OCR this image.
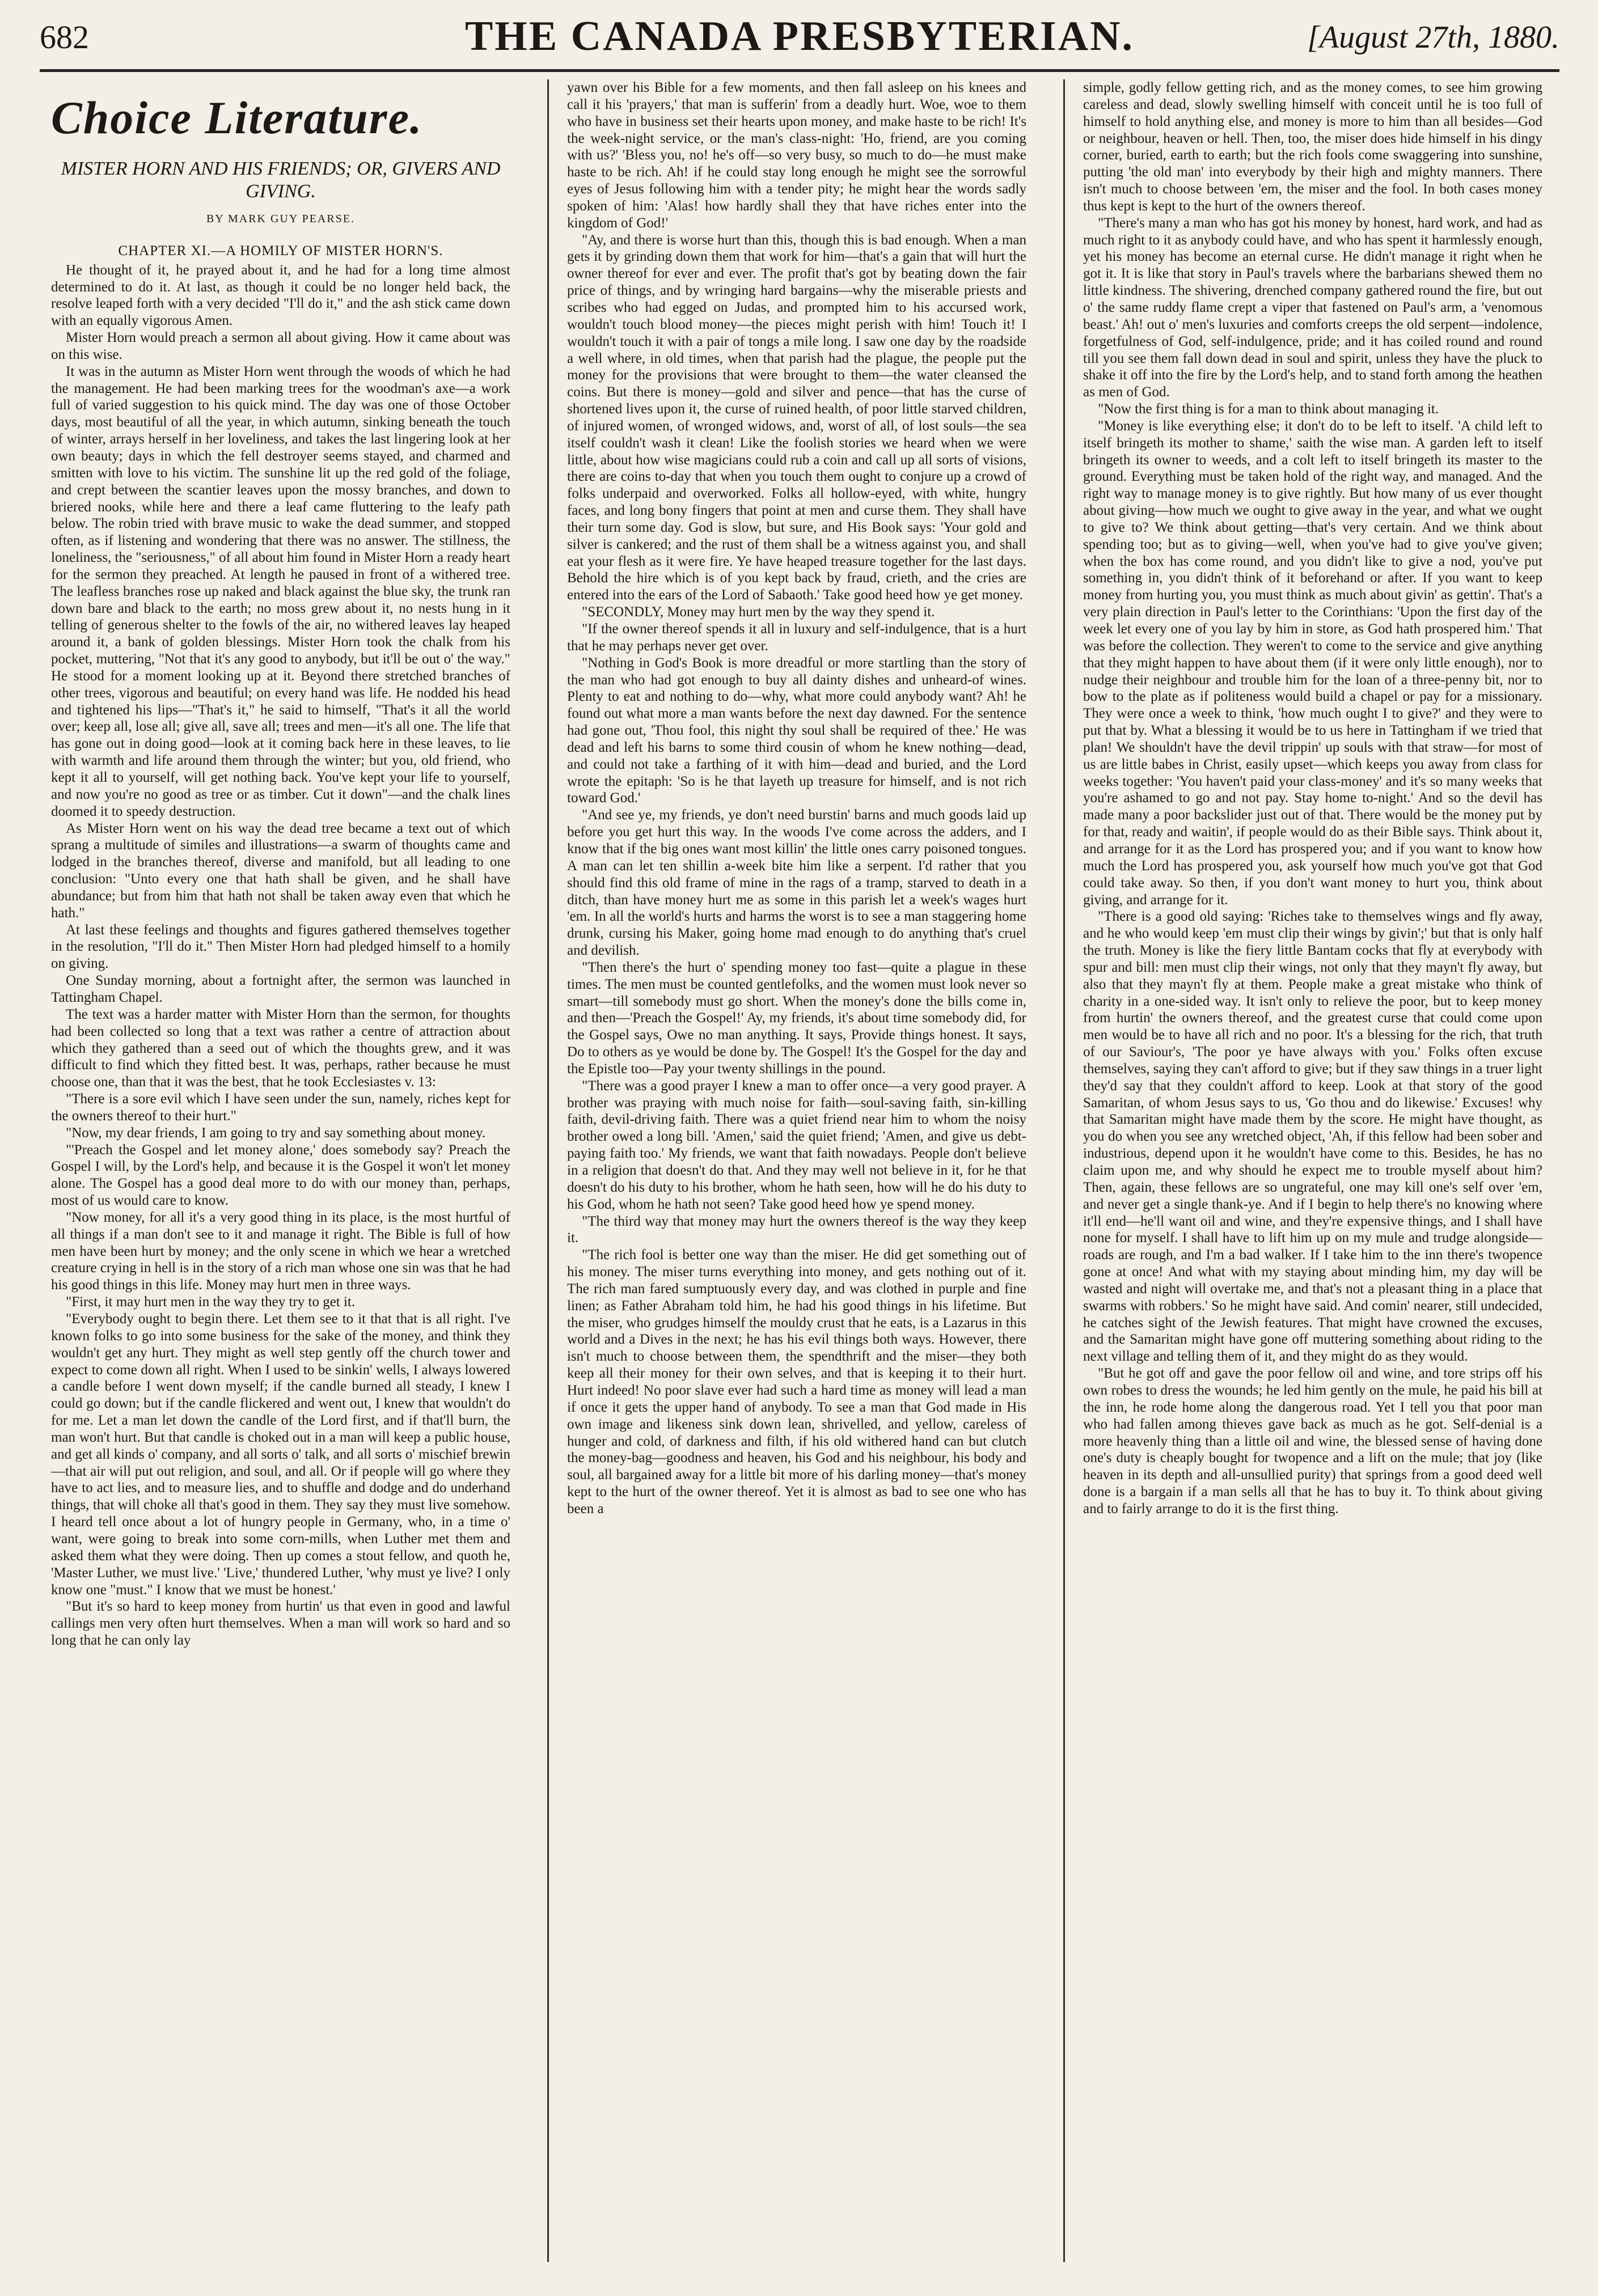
682	THE CANADA PRESBYTERIAN.	[August 27th, 1880.
Choice Literature.
MISTER HORN AND HIS FRIENDS; OR, GIVERS AND GIVING.
BY MARK GUY PEARSE.
CHAPTER XI.—A HOMILY OF MISTER HORN'S.

He thought of it, he prayed about it, and he had for a long time almost determined to do it. At last, as though it could be no longer held back, the resolve leaped forth with a very decided "I'll do it," and the ash stick came down with an equally vigorous Amen.

Mister Horn would preach a sermon all about giving. How it came about was on this wise.

It was in the autumn as Mister Horn went through the woods of which he had the management. He had been marking trees for the woodman's axe—a work full of varied suggestion to his quick mind. The day was one of those October days, most beautiful of all the year, in which autumn, sinking beneath the touch of winter, arrays herself in her loveliness, and takes the last lingering look at her own beauty; days in which the fell destroyer seems stayed, and charmed and smitten with love to his victim. The sunshine lit up the red gold of the foliage, and crept between the scantier leaves upon the mossy branches, and down to briered nooks, while here and there a leaf came fluttering to the leafy path below. The robin tried with brave music to wake the dead summer, and stopped often, as if listening and wondering that there was no answer. The stillness, the loneliness, the "seriousness," of all about him found in Mister Horn a ready heart for the sermon they preached. At length he paused in front of a withered tree. The leafless branches rose up naked and black against the blue sky, the trunk ran down bare and black to the earth; no moss grew about it, no nests hung in it telling of generous shelter to the fowls of the air, no withered leaves lay heaped around it, a bank of golden blessings. Mister Horn took the chalk from his pocket, muttering, "Not that it's any good to anybody, but it'll be out o' the way." He stood for a moment looking up at it. Beyond there stretched branches of other trees, vigorous and beautiful; on every hand was life. He nodded his head and tightened his lips—"That's it," he said to himself, "That's it all the world over; keep all, lose all; give all, save all; trees and men—it's all one. The life that has gone out in doing good—look at it coming back here in these leaves, to lie with warmth and life around them through the winter; but you, old friend, who kept it all to yourself, will get nothing back. You've kept your life to yourself, and now you're no good as tree or as timber. Cut it down"—and the chalk lines doomed it to speedy destruction.

As Mister Horn went on his way the dead tree became a text out of which sprang a multitude of similes and illustrations—a swarm of thoughts came and lodged in the branches thereof, diverse and manifold, but all leading to one conclusion: "Unto every one that hath shall be given, and he shall have abundance; but from him that hath not shall be taken away even that which he hath."

At last these feelings and thoughts and figures gathered themselves together in the resolution, "I'll do it." Then Mister Horn had pledged himself to a homily on giving.

One Sunday morning, about a fortnight after, the sermon was launched in Tattingham Chapel.

The text was a harder matter with Mister Horn than the sermon, for thoughts had been collected so long that a text was rather a centre of attraction about which they gathered than a seed out of which the thoughts grew, and it was difficult to find which they fitted best. It was, perhaps, rather because he must choose one, than that it was the best, that he took Ecclesiastes v. 13:

"There is a sore evil which I have seen under the sun, namely, riches kept for the owners thereof to their hurt."

"Now, my dear friends, I am going to try and say something about money.

"'Preach the Gospel and let money alone,' does somebody say? Preach the Gospel I will, by the Lord's help, and because it is the Gospel it won't let money alone. The Gospel has a good deal more to do with our money than, perhaps, most of us would care to know.

"Now money, for all it's a very good thing in its place, is the most hurtful of all things if a man don't see to it and manage it right. The Bible is full of how men have been hurt by money; and the only scene in which we hear a wretched creature crying in hell is in the story of a rich man whose one sin was that he had his good things in this life. Money may hurt men in three ways.

"First, it may hurt men in the way they try to get it.

"Everybody ought to begin there. Let them see to it that that is all right. I've known folks to go into some business for the sake of the money, and think they wouldn't get any hurt. They might as well step gently off the church tower and expect to come down all right. When I used to be sinkin' wells, I always lowered a candle before I went down myself; if the candle burned all steady, I knew I could go down; but if the candle flickered and went out, I knew that wouldn't do for me. Let a man let down the candle of the Lord first, and if that'll burn, the man won't hurt. But that candle is choked out in a man will keep a public house, and get all kinds o' company, and all sorts o' talk, and all sorts o' mischief brewin—that air will put out religion, and soul, and all. Or if people will go where they have to act lies, and to measure lies, and to shuffle and dodge and do underhand things, that will choke all that's good in them. They say they must live somehow. I heard tell once about a lot of hungry people in Germany, who, in a time o' want, were going to break into some corn-mills, when Luther met them and asked them what they were doing. Then up comes a stout fellow, and quoth he, 'Master Luther, we must live.' 'Live,' thundered Luther, 'why must ye live? I only know one "must." I know that we must be honest.'

"But it's so hard to keep money from hurtin' us that even in good and lawful callings men very often hurt themselves. When a man will work so hard and so long that he can only lay

yawn over his Bible for a few moments, and then fall asleep on his knees and call it his 'prayers,' that man is sufferin' from a deadly hurt. Woe, woe to them who have in business set their hearts upon money, and make haste to be rich! It's the week-night service, or the man's class-night: 'Ho, friend, are you coming with us?' 'Bless you, no! he's off—so very busy, so much to do—he must make haste to be rich. Ah! if he could stay long enough he might see the sorrowful eyes of Jesus following him with a tender pity; he might hear the words sadly spoken of him: 'Alas! how hardly shall they that have riches enter into the kingdom of God!'

"Ay, and there is worse hurt than this, though this is bad enough. When a man gets it by grinding down them that work for him—that's a gain that will hurt the owner thereof for ever and ever. The profit that's got by beating down the fair price of things, and by wringing hard bargains—why the miserable priests and scribes who had egged on Judas, and prompted him to his accursed work, wouldn't touch blood money—the pieces might perish with him! Touch it! I wouldn't touch it with a pair of tongs a mile long. I saw one day by the roadside a well where, in old times, when that parish had the plague, the people put the money for the provisions that were brought to them—the water cleansed the coins. But there is money—gold and silver and pence—that has the curse of shortened lives upon it, the curse of ruined health, of poor little starved children, of injured women, of wronged widows, and, worst of all, of lost souls—the sea itself couldn't wash it clean! Like the foolish stories we heard when we were little, about how wise magicians could rub a coin and call up all sorts of visions, there are coins to-day that when you touch them ought to conjure up a crowd of folks underpaid and overworked. Folks all hollow-eyed, with white, hungry faces, and long bony fingers that point at men and curse them. They shall have their turn some day. God is slow, but sure, and His Book says: 'Your gold and silver is cankered; and the rust of them shall be a witness against you, and shall eat your flesh as it were fire. Ye have heaped treasure together for the last days. Behold the hire which is of you kept back by fraud, crieth, and the cries are entered into the ears of the Lord of Sabaoth.' Take good heed how ye get money.

"SECONDLY, Money may hurt men by the way they spend it.

"If the owner thereof spends it all in luxury and self-indulgence, that is a hurt that he may perhaps never get over.

"Nothing in God's Book is more dreadful or more startling than the story of the man who had got enough to buy all dainty dishes and unheard-of wines. Plenty to eat and nothing to do—why, what more could anybody want? Ah! he found out what more a man wants before the next day dawned. For the sentence had gone out, 'Thou fool, this night thy soul shall be required of thee.' He was dead and left his barns to some third cousin of whom he knew nothing—dead, and could not take a farthing of it with him—dead and buried, and the Lord wrote the epitaph: 'So is he that layeth up treasure for himself, and is not rich toward God.'

"And see ye, my friends, ye don't need burstin' barns and much goods laid up before you get hurt this way. In the woods I've come across the adders, and I know that if the big ones want most killin' the little ones carry poisoned tongues. A man can let ten shillin a-week bite him like a serpent. I'd rather that you should find this old frame of mine in the rags of a tramp, starved to death in a ditch, than have money hurt me as some in this parish let a week's wages hurt 'em. In all the world's hurts and harms the worst is to see a man staggering home drunk, cursing his Maker, going home mad enough to do anything that's cruel and devilish.

"Then there's the hurt o' spending money too fast—quite a plague in these times. The men must be counted gentlefolks, and the women must look never so smart—till somebody must go short. When the money's done the bills come in, and then—'Preach the Gospel!' Ay, my friends, it's about time somebody did, for the Gospel says, Owe no man anything. It says, Provide things honest. It says, Do to others as ye would be done by. The Gospel! It's the Gospel for the day and the Epistle too—Pay your twenty shillings in the pound.

"There was a good prayer I knew a man to offer once—a very good prayer. A brother was praying with much noise for faith—soul-saving faith, sin-killing faith, devil-driving faith. There was a quiet friend near him to whom the noisy brother owed a long bill. 'Amen,' said the quiet friend; 'Amen, and give us debt-paying faith too.' My friends, we want that faith nowadays. People don't believe in a religion that doesn't do that. And they may well not believe in it, for he that doesn't do his duty to his brother, whom he hath seen, how will he do his duty to his God, whom he hath not seen? Take good heed how ye spend money.

"The third way that money may hurt the owners thereof is the way they keep it.

"The rich fool is better one way than the miser. He did get something out of his money. The miser turns everything into money, and gets nothing out of it. The rich man fared sumptuously every day, and was clothed in purple and fine linen; as Father Abraham told him, he had his good things in his lifetime. But the miser, who grudges himself the mouldy crust that he eats, is a Lazarus in this world and a Dives in the next; he has his evil things both ways. However, there isn't much to choose between them, the spendthrift and the miser—they both keep all their money for their own selves, and that is keeping it to their hurt. Hurt indeed! No poor slave ever had such a hard time as money will lead a man if once it gets the upper hand of anybody. To see a man that God made in His own image and likeness sink down lean, shrivelled, and yellow, careless of hunger and cold, of darkness and filth, if his old withered hand can but clutch the money-bag—goodness and heaven, his God and his neighbour, his body and soul, all bargained away for a little bit more of his darling money—that's money kept to the hurt of the owner thereof. Yet it is almost as bad to see one who has been a

simple, godly fellow getting rich, and as the money comes, to see him growing careless and dead, slowly swelling himself with conceit until he is too full of himself to hold anything else, and money is more to him than all besides—God or neighbour, heaven or hell. Then, too, the miser does hide himself in his dingy corner, buried, earth to earth; but the rich fools come swaggering into sunshine, putting 'the old man' into everybody by their high and mighty manners. There isn't much to choose between 'em, the miser and the fool. In both cases money thus kept is kept to the hurt of the owners thereof.

"There's many a man who has got his money by honest, hard work, and had as much right to it as anybody could have, and who has spent it harmlessly enough, yet his money has become an eternal curse. He didn't manage it right when he got it. It is like that story in Paul's travels where the barbarians shewed them no little kindness. The shivering, drenched company gathered round the fire, but out o' the same ruddy flame crept a viper that fastened on Paul's arm, a 'venomous beast.' Ah! out o' men's luxuries and comforts creeps the old serpent—indolence, forgetfulness of God, self-indulgence, pride; and it has coiled round and round till you see them fall down dead in soul and spirit, unless they have the pluck to shake it off into the fire by the Lord's help, and to stand forth among the heathen as men of God.

"Now the first thing is for a man to think about managing it.

"Money is like everything else; it don't do to be left to itself. 'A child left to itself bringeth its mother to shame,' saith the wise man. A garden left to itself bringeth its owner to weeds, and a colt left to itself bringeth its master to the ground. Everything must be taken hold of the right way, and managed. And the right way to manage money is to give rightly. But how many of us ever thought about giving—how much we ought to give away in the year, and what we ought to give to? We think about getting—that's very certain. And we think about spending too; but as to giving—well, when you've had to give you've given; when the box has come round, and you didn't like to give a nod, you've put something in, you didn't think of it beforehand or after. If you want to keep money from hurting you, you must think as much about givin' as gettin'. That's a very plain direction in Paul's letter to the Corinthians: 'Upon the first day of the week let every one of you lay by him in store, as God hath prospered him.' That was before the collection. They weren't to come to the service and give anything that they might happen to have about them (if it were only little enough), nor to nudge their neighbour and trouble him for the loan of a three-penny bit, nor to bow to the plate as if politeness would build a chapel or pay for a missionary. They were once a week to think, 'how much ought I to give?' and they were to put that by. What a blessing it would be to us here in Tattingham if we tried that plan! We shouldn't have the devil trippin' up souls with that straw—for most of us are little babes in Christ, easily upset—which keeps you away from class for weeks together: 'You haven't paid your class-money' and it's so many weeks that you're ashamed to go and not pay. Stay home to-night.' And so the devil has made many a poor backslider just out of that. There would be the money put by for that, ready and waitin', if people would do as their Bible says. Think about it, and arrange for it as the Lord has prospered you; and if you want to know how much the Lord has prospered you, ask yourself how much you've got that God could take away. So then, if you don't want money to hurt you, think about giving, and arrange for it.

"There is a good old saying: 'Riches take to themselves wings and fly away, and he who would keep 'em must clip their wings by givin';' but that is only half the truth. Money is like the fiery little Bantam cocks that fly at everybody with spur and bill: men must clip their wings, not only that they mayn't fly away, but also that they mayn't fly at them. People make a great mistake who think of charity in a one-sided way. It isn't only to relieve the poor, but to keep money from hurtin' the owners thereof, and the greatest curse that could come upon men would be to have all rich and no poor. It's a blessing for the rich, that truth of our Saviour's, 'The poor ye have always with you.' Folks often excuse themselves, saying they can't afford to give; but if they saw things in a truer light they'd say that they couldn't afford to keep. Look at that story of the good Samaritan, of whom Jesus says to us, 'Go thou and do likewise.' Excuses! why that Samaritan might have made them by the score. He might have thought, as you do when you see any wretched object, 'Ah, if this fellow had been sober and industrious, depend upon it he wouldn't have come to this. Besides, he has no claim upon me, and why should he expect me to trouble myself about him? Then, again, these fellows are so ungrateful, one may kill one's self over 'em, and never get a single thank-ye. And if I begin to help there's no knowing where it'll end—he'll want oil and wine, and they're expensive things, and I shall have none for myself. I shall have to lift him up on my mule and trudge alongside—roads are rough, and I'm a bad walker. If I take him to the inn there's twopence gone at once! And what with my staying about minding him, my day will be wasted and night will overtake me, and that's not a pleasant thing in a place that swarms with robbers.' So he might have said. And comin' nearer, still undecided, he catches sight of the Jewish features. That might have crowned the excuses, and the Samaritan might have gone off muttering something about riding to the next village and telling them of it, and they might do as they would.

"But he got off and gave the poor fellow oil and wine, and tore strips off his own robes to dress the wounds; he led him gently on the mule, he paid his bill at the inn, he rode home along the dangerous road. Yet I tell you that poor man who had fallen among thieves gave back as much as he got. Self-denial is a more heavenly thing than a little oil and wine, the blessed sense of having done one's duty is cheaply bought for twopence and a lift on the mule; that joy (like heaven in its depth and all-unsullied purity) that springs from a good deed well done is a bargain if a man sells all that he has to buy it. To think about giving and to fairly arrange to do it is the first thing.
